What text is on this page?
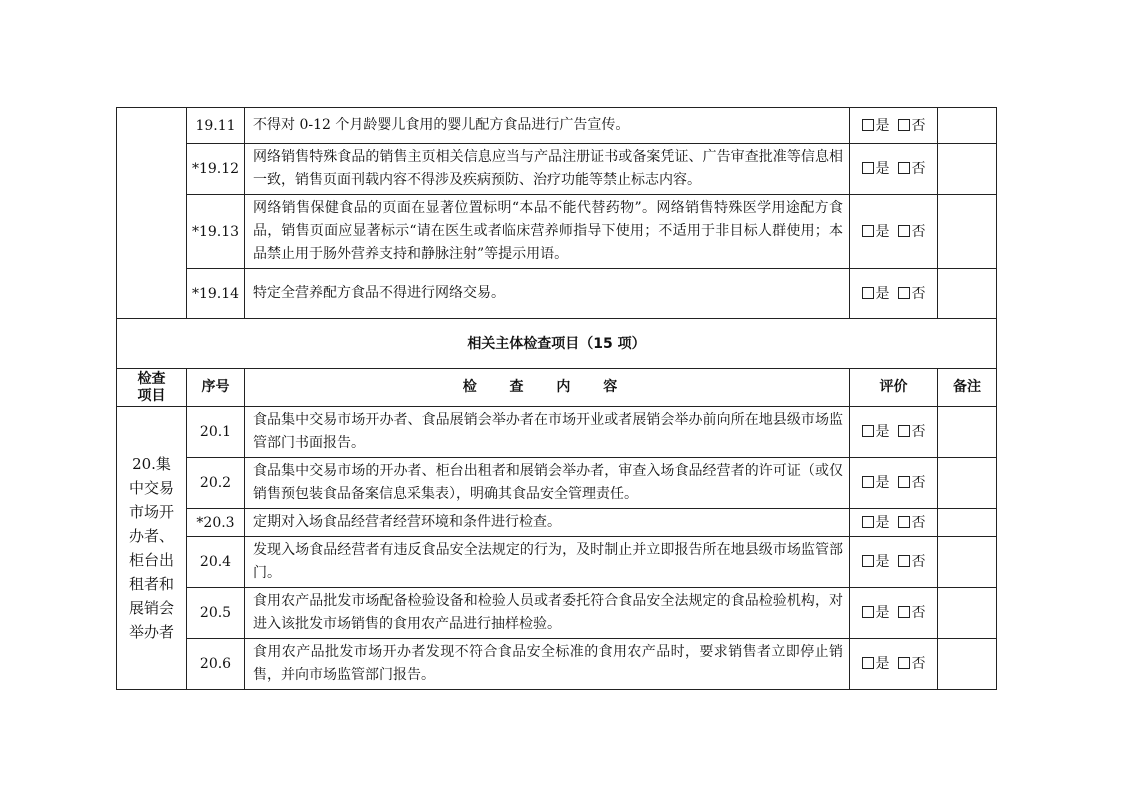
	19.11	不得对 0-12 个月龄婴儿食用的婴儿配方食品进行广告宣传。	是 否	
	*19.12	网络销售特殊食品的销售主页相关信息应当与产品注册证书或备案凭证、广告审查批准等信息相一致，销售页面刊载内容不得涉及疾病预防、治疗功能等禁止标志内容。	是 否	
	*19.13	网络销售保健食品的页面在显著位置标明“本品不能代替药物”。网络销售特殊医学用途配方食品，销售页面应显著标示“请在医生或者临床营养师指导下使用；不适用于非目标人群使用；本品禁止用于肠外营养支持和静脉注射”等提示用语。	是 否	
	*19.14	特定全营养配方食品不得进行网络交易。	是 否	
相关主体检查项目（15 项）				
检查项目	序号	检 查 内 容	评价	备注
20.集中交易市场开办者、柜台出租者和展销会举办者	20.1	食品集中交易市场开办者、食品展销会举办者在市场开业或者展销会举办前向所在地县级市场监管部门书面报告。	是 否	
	20.2	食品集中交易市场的开办者、柜台出租者和展销会举办者，审查入场食品经营者的许可证（或仅销售预包装食品备案信息采集表），明确其食品安全管理责任。	是 否	
	*20.3	定期对入场食品经营者经营环境和条件进行检查。	是 否	
	20.4	发现入场食品经营者有违反食品安全法规定的行为，及时制止并立即报告所在地县级市场监管部门。	是 否	
	20.5	食用农产品批发市场配备检验设备和检验人员或者委托符合食品安全法规定的食品检验机构，对进入该批发市场销售的食用农产品进行抽样检验。	是 否	
	20.6	食用农产品批发市场开办者发现不符合食品安全标准的食用农产品时，要求销售者立即停止销售，并向市场监管部门报告。	是 否	
